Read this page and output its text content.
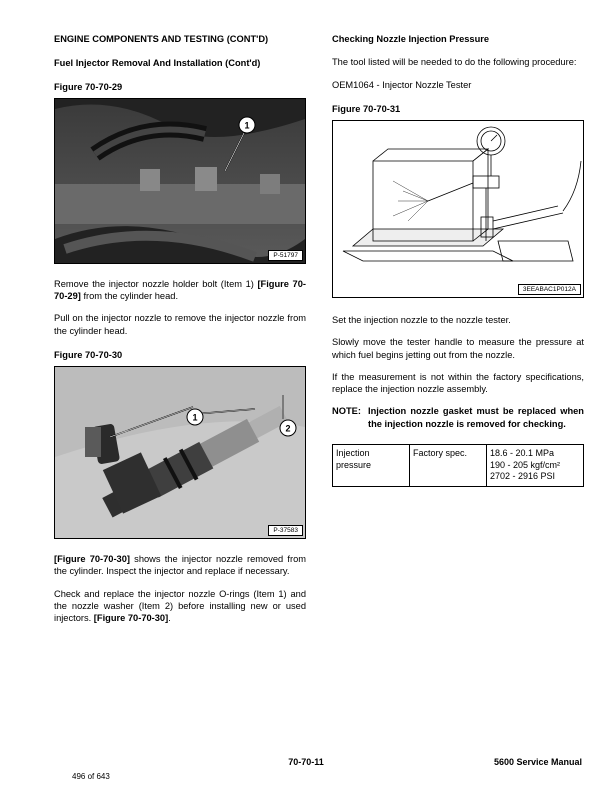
ENGINE COMPONENTS AND TESTING (CONT'D)
Fuel Injector Removal And Installation (Cont'd)
Figure 70-70-29
1
P-51797

Remove the injector nozzle holder bolt (Item 1) [Figure 70-70-29] from the cylinder head.

Pull on the injector nozzle to remove the injector nozzle from the cylinder head.

Figure 70-70-30
1
2
P-37583

[Figure 70-70-30] shows the injector nozzle removed from the cylinder. Inspect the injector and replace if necessary.

Check and replace the injector nozzle O-rings (Item 1) and the nozzle washer (Item 2) before installing new or used injectors. [Figure 70-70-30].

Checking Nozzle Injection Pressure

The tool listed will be needed to do the following procedure:

OEM1064 - Injector Nozzle Tester

Figure 70-70-31
3EEABAC1P012A

Set the injection nozzle to the nozzle tester.

Slowly move the tester handle to measure the pressure at which fuel begins jetting out from the nozzle.

If the measurement is not within the factory specifications, replace the injection nozzle assembly.

NOTE: Injection nozzle gasket must be replaced when the injection nozzle is removed for checking.
Injection pressure	Factory spec.	18.6 - 20.1 MPa
190 - 205 kgf/cm²
2702 - 2916 PSI
70-70-11	5600 Service Manual
496 of 643
